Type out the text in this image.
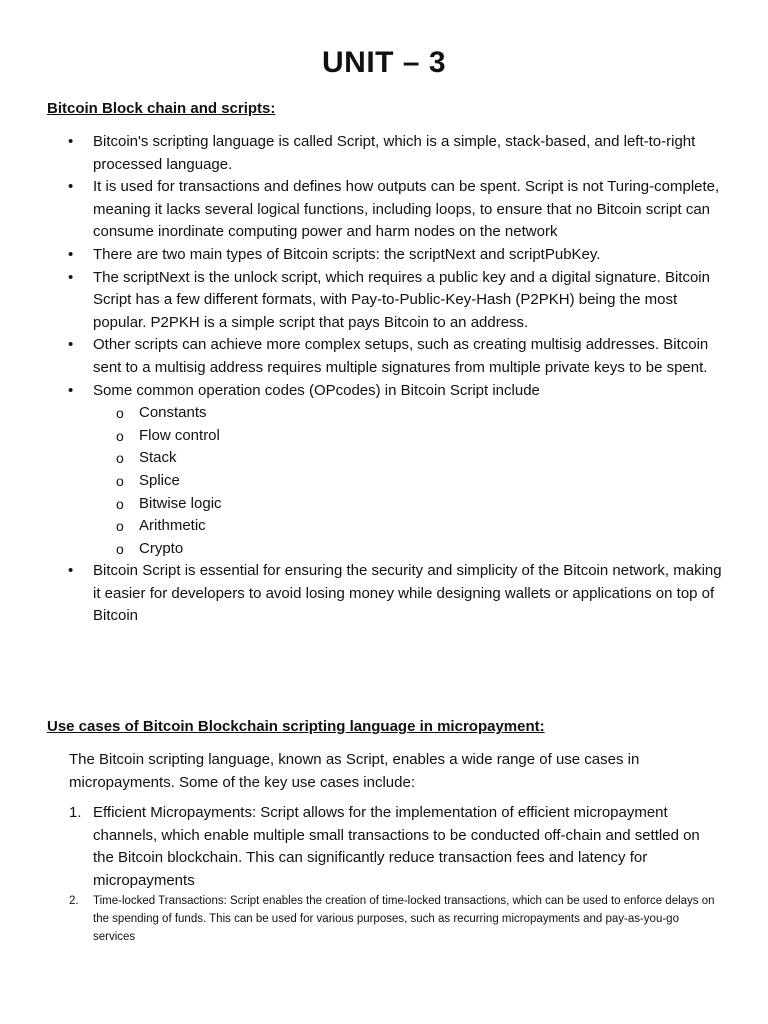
UNIT – 3
Bitcoin Block chain and scripts:
• Bitcoin's scripting language is called Script, which is a simple, stack-based, and left-to-right processed language.
• It is used for transactions and defines how outputs can be spent. Script is not Turing-complete, meaning it lacks several logical functions, including loops, to ensure that no Bitcoin script can consume inordinate computing power and harm nodes on the network
• There are two main types of Bitcoin scripts: the scriptNext and scriptPubKey.
• The scriptNext is the unlock script, which requires a public key and a digital signature. Bitcoin Script has a few different formats, with Pay-to-Public-Key-Hash (P2PKH) being the most popular. P2PKH is a simple script that pays Bitcoin to an address.
• Other scripts can achieve more complex setups, such as creating multisig addresses. Bitcoin sent to a multisig address requires multiple signatures from multiple private keys to be spent.
• Some common operation codes (OPcodes) in Bitcoin Script include
o Constants
o Flow control
o Stack
o Splice
o Bitwise logic
o Arithmetic
o Crypto
• Bitcoin Script is essential for ensuring the security and simplicity of the Bitcoin network, making it easier for developers to avoid losing money while designing wallets or applications on top of Bitcoin
Use cases of Bitcoin Blockchain scripting language in micropayment:

The Bitcoin scripting language, known as Script, enables a wide range of use cases in micropayments. Some of the key use cases include:

1. Efficient Micropayments: Script allows for the implementation of efficient micropayment channels, which enable multiple small transactions to be conducted off-chain and settled on the Bitcoin blockchain. This can significantly reduce transaction fees and latency for micropayments
2. Time-locked Transactions: Script enables the creation of time-locked transactions, which can be used to enforce delays on the spending of funds. This can be used for various purposes, such as recurring micropayments and pay-as-you-go services
